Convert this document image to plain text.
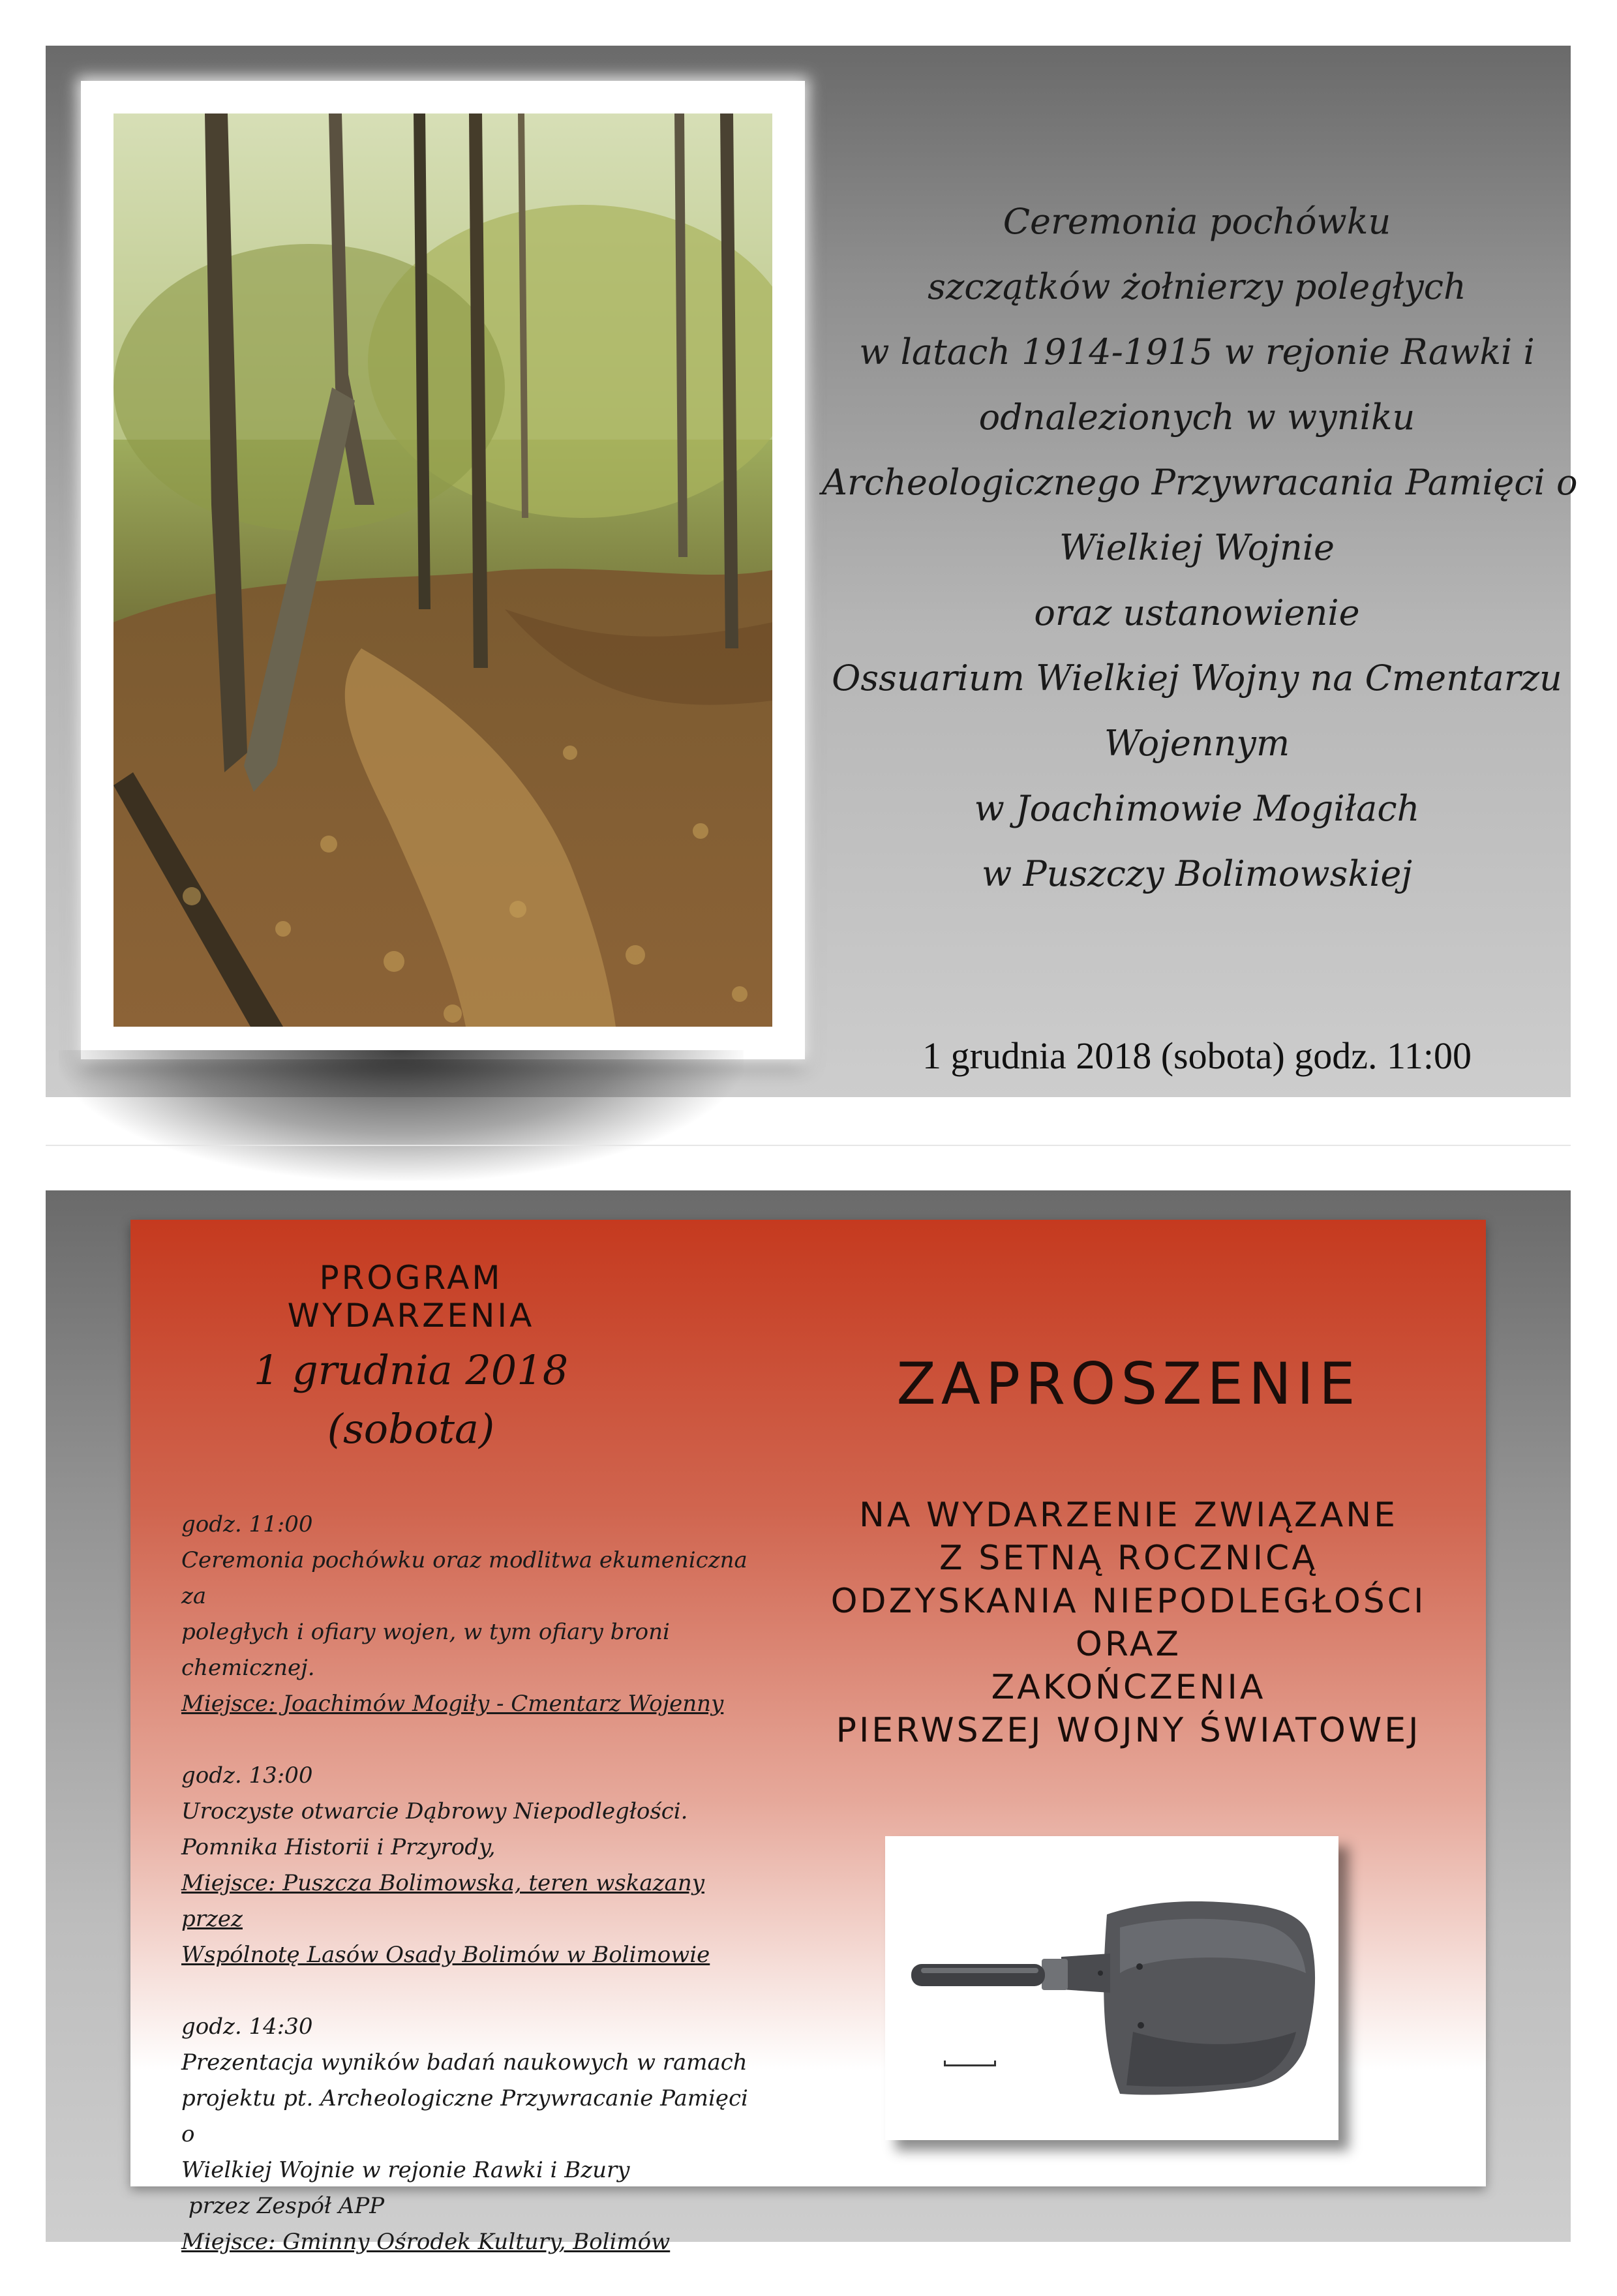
Ceremonia pochówku
szczątków żołnierzy poległych
w latach 1914-1915 w rejonie Rawki i
odnalezionych w wyniku
Archeologicznego Przywracania Pamięci o
Wielkiej Wojnie
oraz ustanowienie
Ossuarium Wielkiej Wojny na Cmentarzu
Wojennym
w Joachimowie Mogiłach
w Puszczy Bolimowskiej
1 grudnia 2018 (sobota) godz. 11:00
PROGRAM
WYDARZENIA
1 grudnia 2018 (sobota)
godz. 11:00
Ceremonia pochówku oraz modlitwa ekumeniczna za
poległych i ofiary wojen, w tym ofiary broni
chemicznej.
Miejsce: Joachimów Mogiły - Cmentarz Wojenny
godz. 13:00
Uroczyste otwarcie Dąbrowy Niepodległości.
Pomnika Historii i Przyrody,
Miejsce: Puszcza Bolimowska, teren wskazany przez
Wspólnotę Lasów Osady Bolimów w Bolimowie
godz. 14:30
Prezentacja wyników badań naukowych w ramach
projektu pt. Archeologiczne Przywracanie Pamięci o
Wielkiej Wojnie w rejonie Rawki i Bzury
przez Zespół APP
Miejsce: Gminny Ośrodek Kultury, Bolimów
ZAPROSZENIE
NA WYDARZENIE ZWIĄZANE
Z SETNĄ ROCZNICĄ
ODZYSKANIA NIEPODLEGŁOŚCI
ORAZ
ZAKOŃCZENIA
PIERWSZEJ WOJNY ŚWIATOWEJ
